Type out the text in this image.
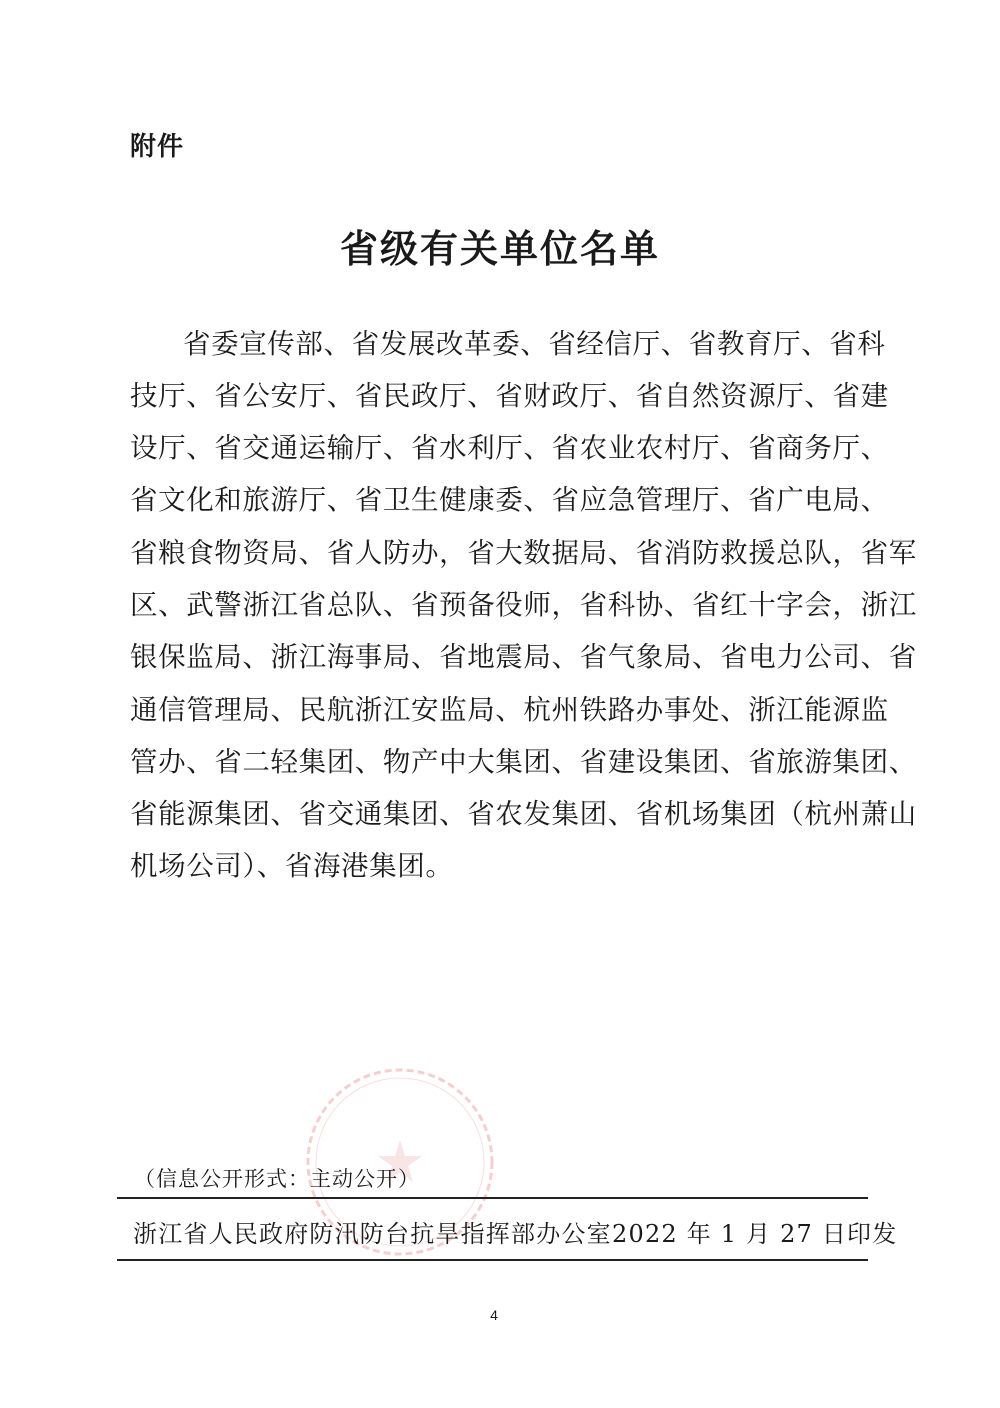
附件
省级有关单位名单
省委宣传部、省发展改革委、省经信厅、省教育厅、省科
技厅、省公安厅、省民政厅、省财政厅、省自然资源厅、省建
设厅、省交通运输厅、省水利厅、省农业农村厅、省商务厅、
省文化和旅游厅、省卫生健康委、省应急管理厅、省广电局、
省粮食物资局、省人防办，省大数据局、省消防救援总队，省军
区、武警浙江省总队、省预备役师，省科协、省红十字会，浙江
银保监局、浙江海事局、省地震局、省气象局、省电力公司、省
通信管理局、民航浙江安监局、杭州铁路办事处、浙江能源监
管办、省二轻集团、物产中大集团、省建设集团、省旅游集团、
省能源集团、省交通集团、省农发集团、省机场集团（杭州萧山
机场公司）、省海港集团。
（信息公开形式：主动公开）
浙江省人民政府防汛防台抗旱指挥部办公室 2022 年 1 月 27 日印发
4
